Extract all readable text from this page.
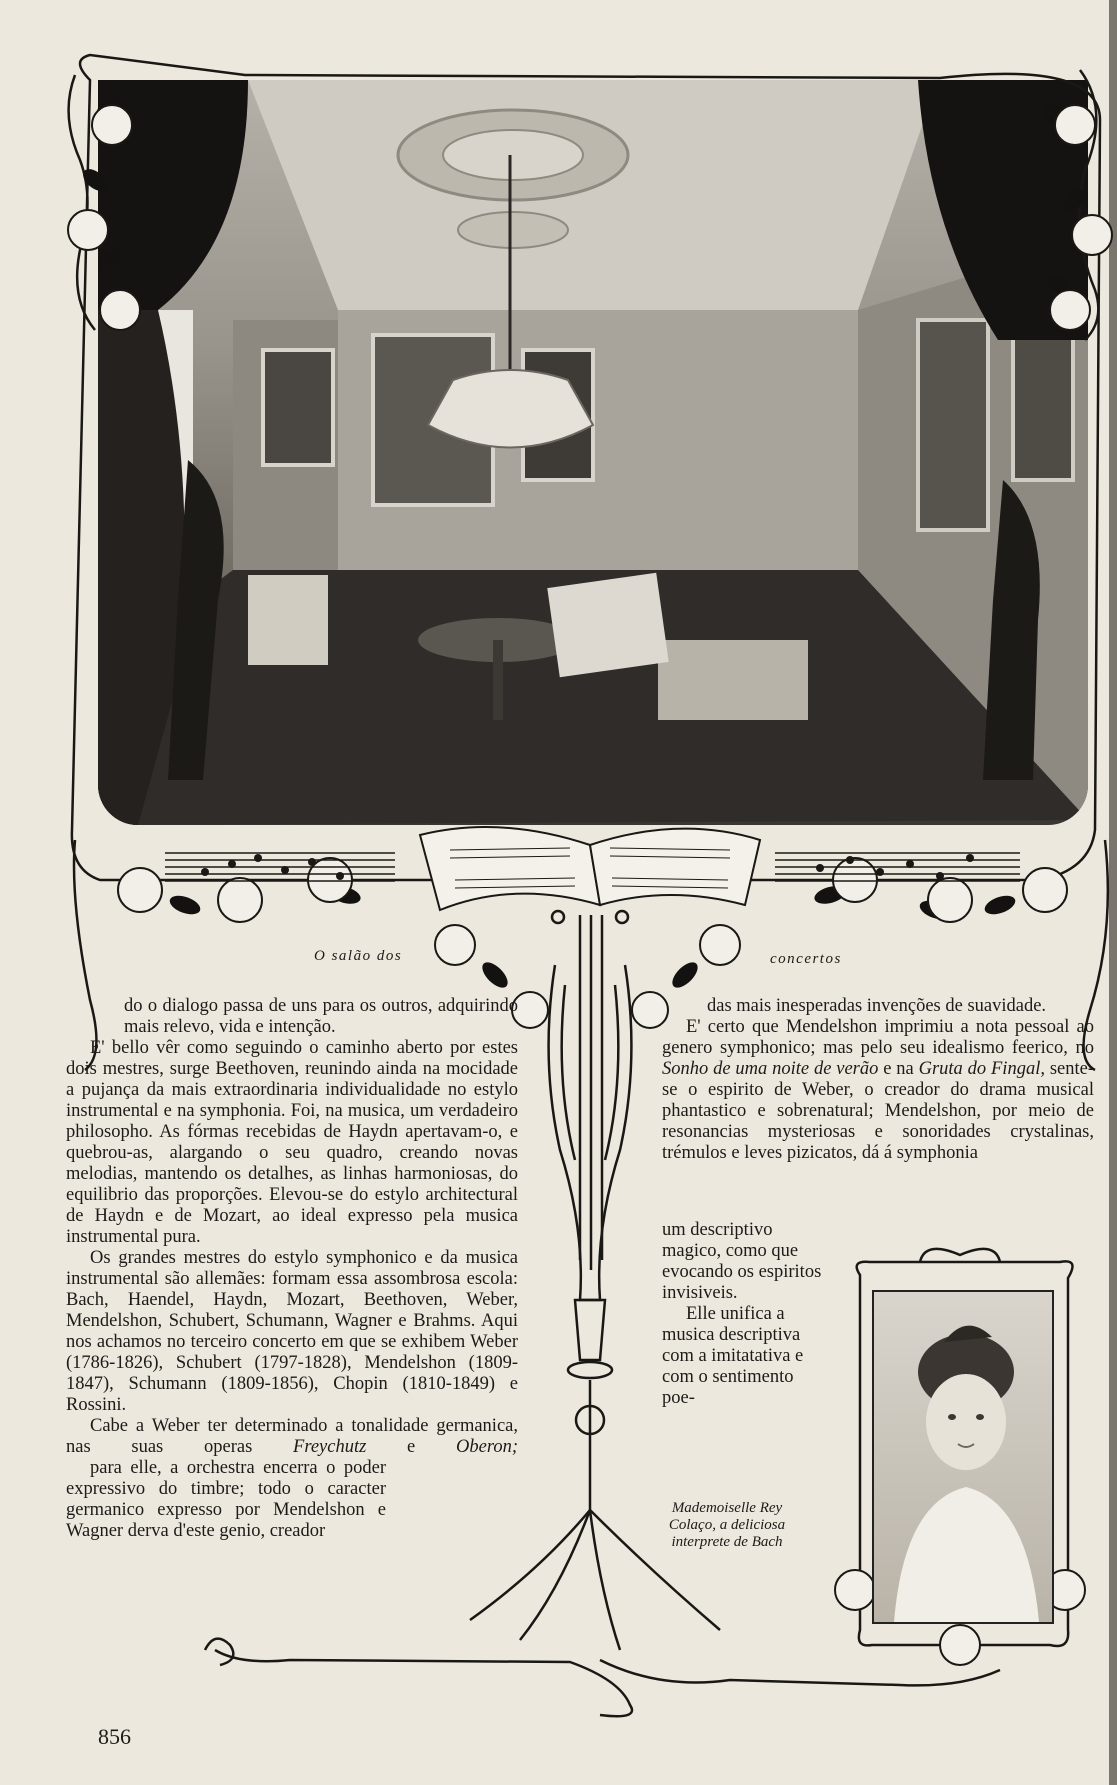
O salão dos	concertos

do o dialogo passa de uns para os outros, adquirindo mais relevo, vida e intenção.

E' bello vêr como seguindo o caminho aberto por estes dois mestres, surge Beethoven, reunindo ainda na mocidade a pujança da mais extraordinaria individualidade no estylo instrumental e na symphonia. Foi, na musica, um verdadeiro philosopho. As fórmas recebidas de Haydn apertavam-o, e quebrou-as, alargando o seu quadro, creando novas melodias, mantendo os detalhes, as linhas harmoniosas, do equilibrio das proporções. Elevou-se do estylo architectural de Haydn e de Mozart, ao ideal expresso pela musica instrumental pura.

Os grandes mestres do estylo symphonico e da musica instrumental são allemães: formam essa assombrosa escola: Bach, Haendel, Haydn, Mozart, Beethoven, Weber, Mendelshon, Schubert, Schumann, Wagner e Brahms. Aqui nos achamos no terceiro concerto em que se exhibem Weber (1786-1826), Schubert (1797-1828), Mendelshon (1809-1847), Schumann (1809-1856), Chopin (1810-1849) e Rossini.

Cabe a Weber ter determinado a tonalidade germanica, nas suas operas Freychutz e Oberon;para elle, a orchestra encerra o poder expressivo do timbre; todo o caracter germanico expresso por Mendelshon e Wagner derva d'este genio, creador

das mais inesperadas invenções de suavidade.

E' certo que Mendelshon imprimiu a nota pessoal ao genero symphonico; mas pelo seu idealismo feerico, no Sonho de uma noite de verão e na Gruta do Fingal, sente-se o espirito de Weber, o creador do drama musical phantastico e sobrenatural; Mendelshon, por meio de resonancias mysteriosas e sonoridades crystalinas, trémulos e leves pizicatos, dá á symphonia

um descriptivo magico, como que evocando os espiritos invisiveis.

Elle unifica a musica descriptiva com a imitatativa e com o sentimento poe-

Mademoiselle Rey Colaço, a deliciosa interprete de Bach
856
